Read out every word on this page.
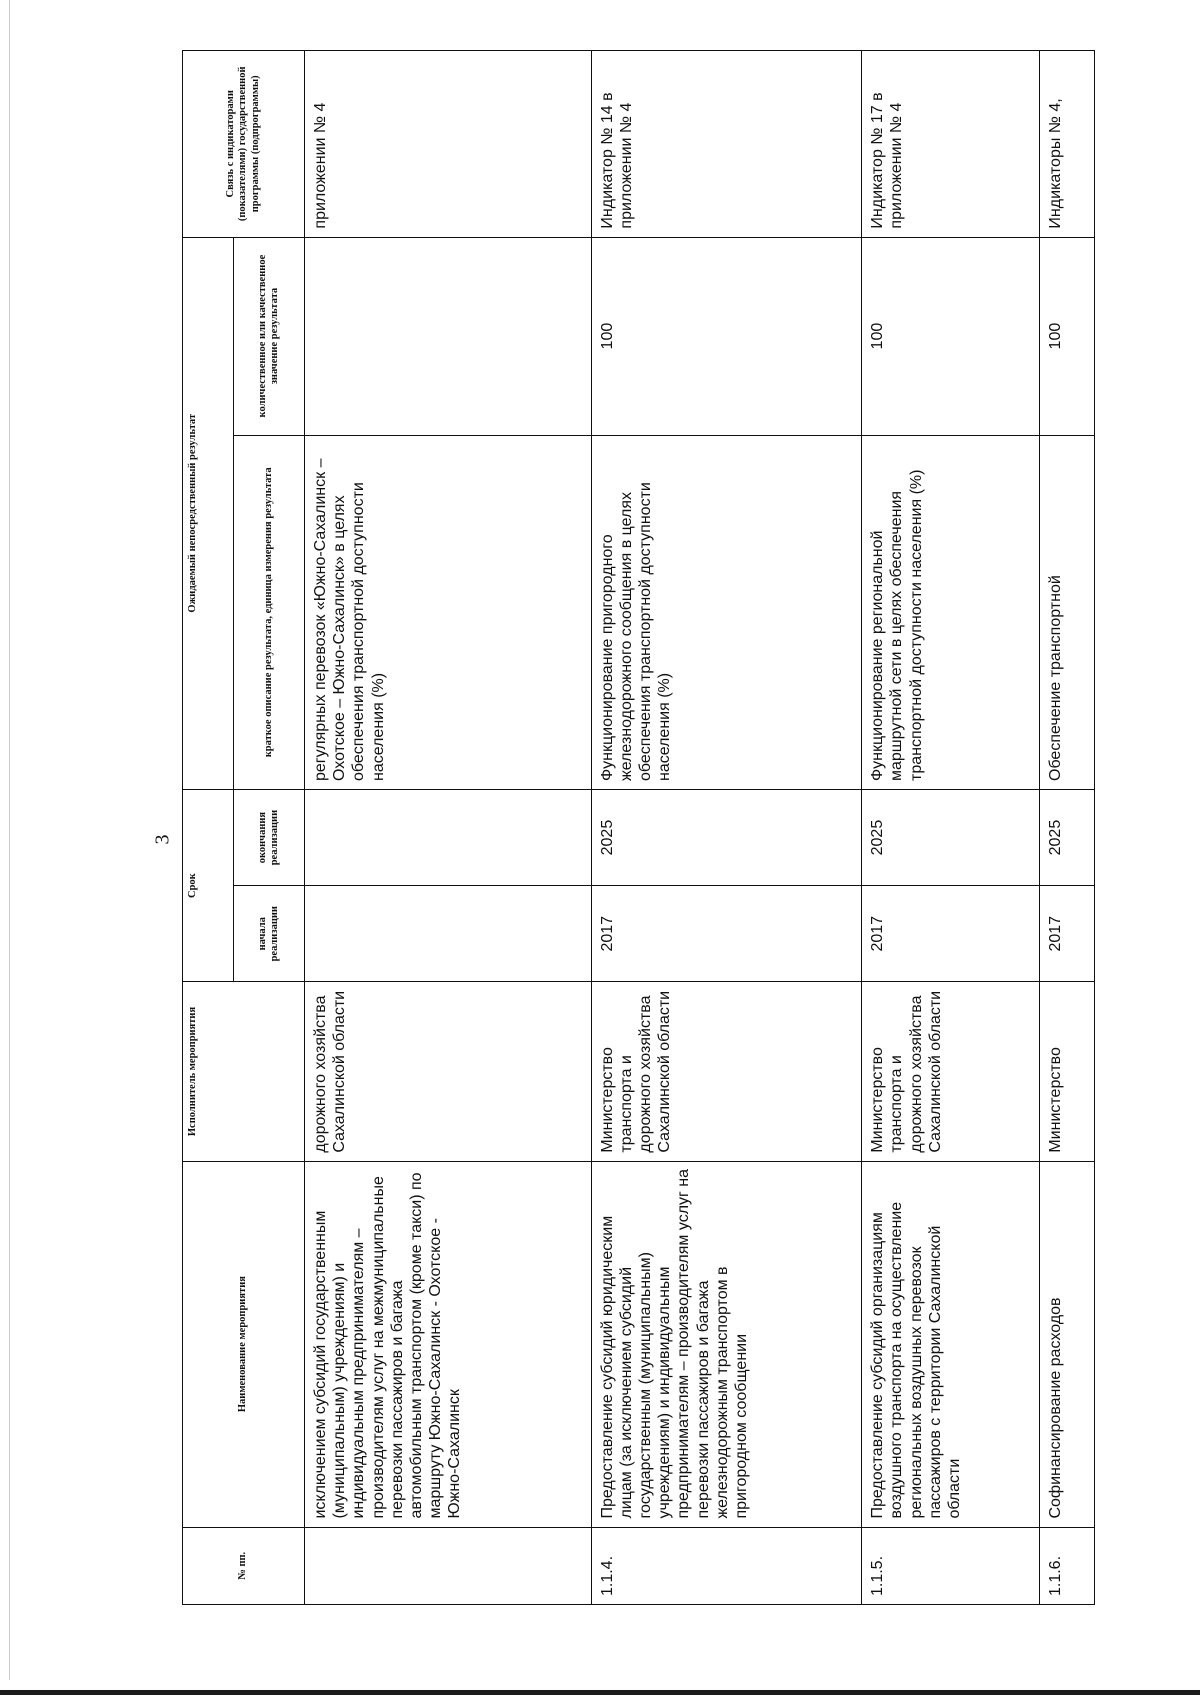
3
№ пп.	Наименование мероприятия	Исполнитель мероприятия	Срок		Ожидаемый непосредственный результат		Связь с индикаторами (показателями) государственной программы (подпрограммы)
			начала реализации	окончания реализации	краткое описание результата, единица измерения результата	количественное или качественное значение результата	
	исключением субсидий государственным (муниципальным) учреждениям) и индивидуальным предпринимателям – производителям услуг на межмуниципальные перевозки пассажиров и багажа автомобильным транспортом (кроме такси) по маршруту Южно-Сахалинск - Охотское - Южно-Сахалинск	дорожного хозяйства Сахалинской области			регулярных перевозок «Южно-Сахалинск – Охотское – Южно-Сахалинск» в целях обеспечения транспортной доступности населения (%)		приложении № 4
1.1.4.	Предоставление субсидий юридическим лицам (за исключением субсидий государственным (муниципальным) учреждениям) и индивидуальным предпринимателям – производителям услуг на перевозки пассажиров и багажа железнодорожным транспортом в пригородном сообщении	Министерство транспорта и дорожного хозяйства Сахалинской области	2017	2025	Функционирование пригородного железнодорожного сообщения в целях обеспечения транспортной доступности населения (%)	100	Индикатор № 14 в приложении № 4
1.1.5.	Предоставление субсидий организациям воздушного транспорта на осуществление региональных воздушных перевозок пассажиров с территории Сахалинской области	Министерство транспорта и дорожного хозяйства Сахалинской области	2017	2025	Функционирование региональной маршрутной сети в целях обеспечения транспортной доступности населения (%)	100	Индикатор № 17 в приложении № 4
1.1.6.	Софинансирование расходов	Министерство	2017	2025	Обеспечение транспортной	100	Индикаторы № 4,
